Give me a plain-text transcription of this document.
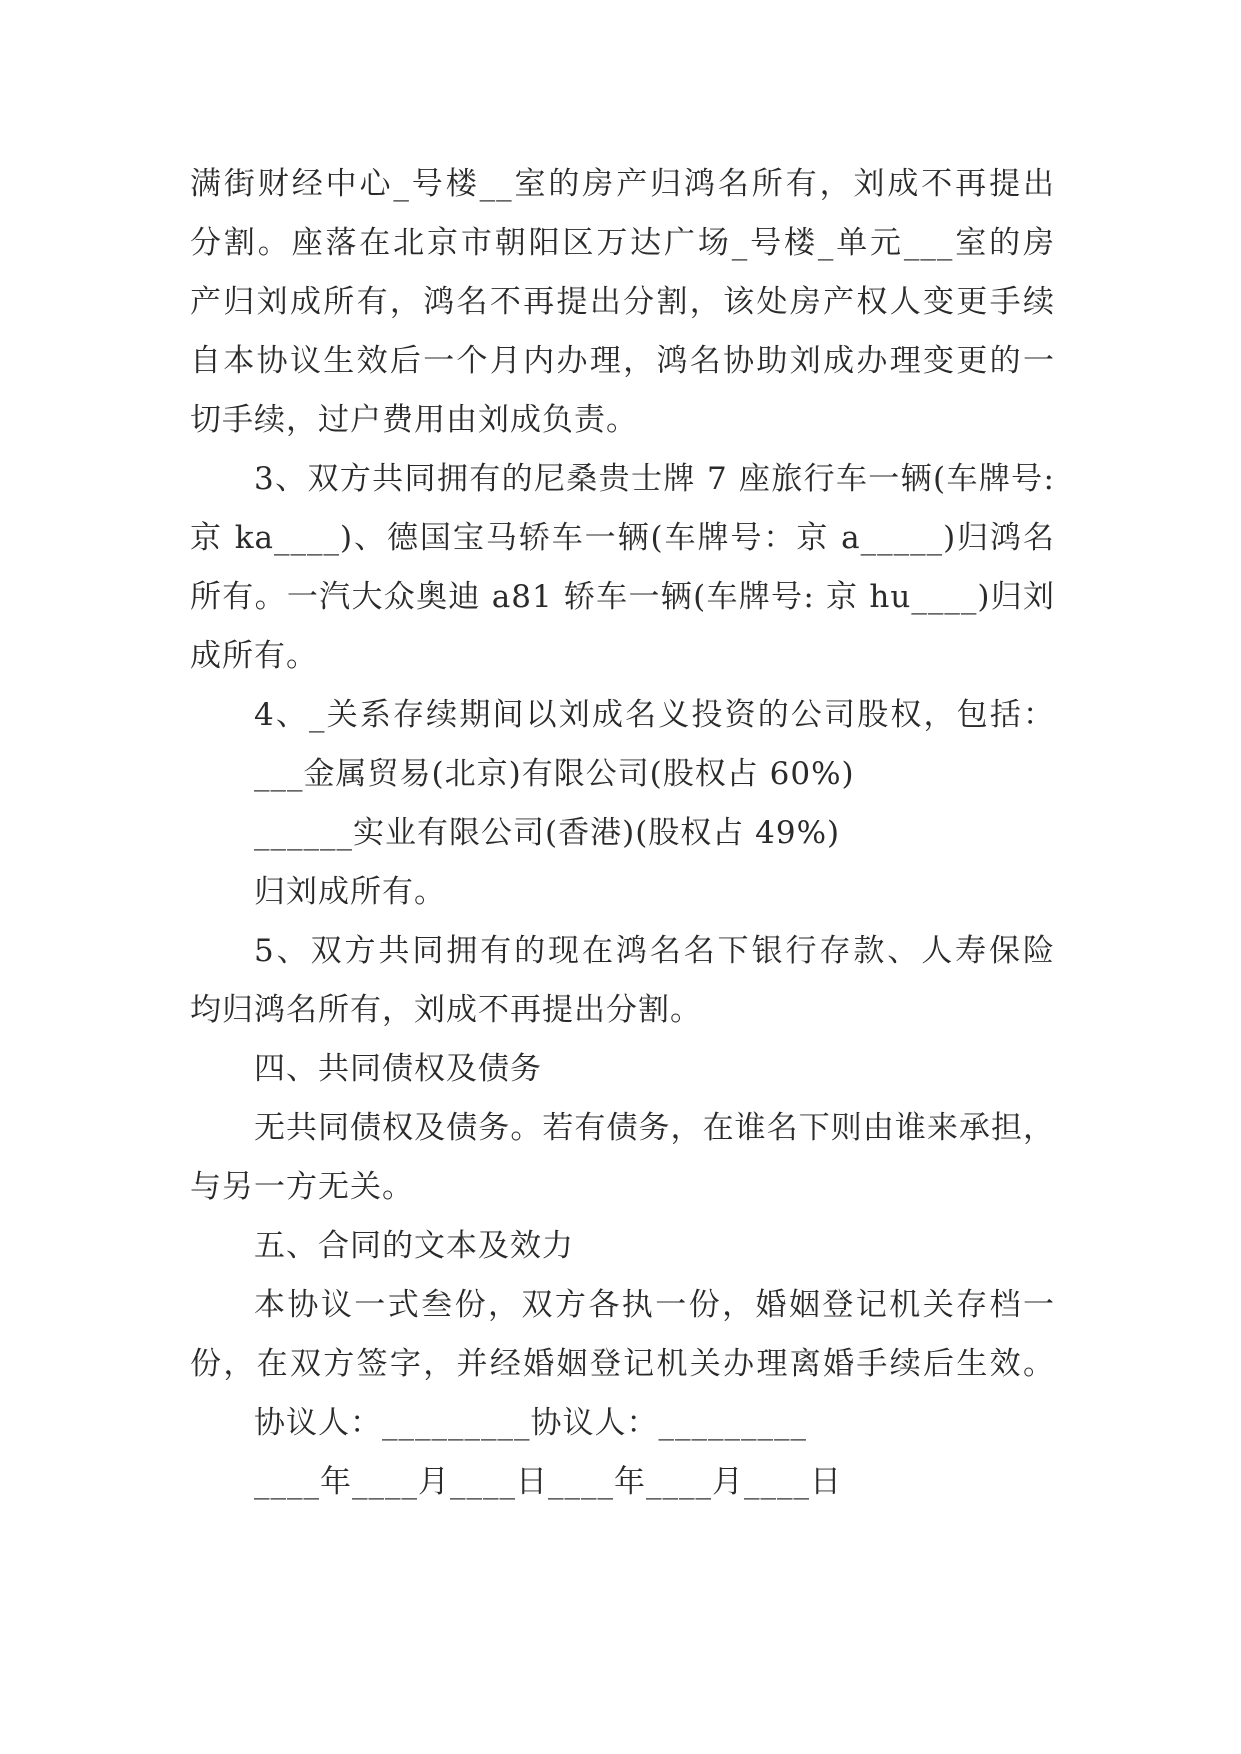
满街财经中心_号楼__室的房产归鸿名所有，刘成不再提出
分割。座落在北京市朝阳区万达广场_号楼_单元___室的房
产归刘成所有，鸿名不再提出分割，该处房产权人变更手续
自本协议生效后一个月内办理，鸿名协助刘成办理变更的一
切手续，过户费用由刘成负责。
3、双方共同拥有的尼桑贵士牌 7 座旅行车一辆(车牌号:
京 ka____)、德国宝马轿车一辆(车牌号：京 a_____)归鸿名
所有。一汽大众奥迪 a81 轿车一辆(车牌号: 京 hu____)归刘
成所有。
4、_关系存续期间以刘成名义投资的公司股权，包括：
___金属贸易(北京)有限公司(股权占 60%)
______实业有限公司(香港)(股权占 49%)
归刘成所有。
5、双方共同拥有的现在鸿名名下银行存款、人寿保险
均归鸿名所有，刘成不再提出分割。
四、共同债权及债务
无共同债权及债务。若有债务，在谁名下则由谁来承担，
与另一方无关。
五、合同的文本及效力
本协议一式叁份，双方各执一份，婚姻登记机关存档一
份，在双方签字，并经婚姻登记机关办理离婚手续后生效。
协议人：_________协议人：_________
____年____月____日____年____月____日
